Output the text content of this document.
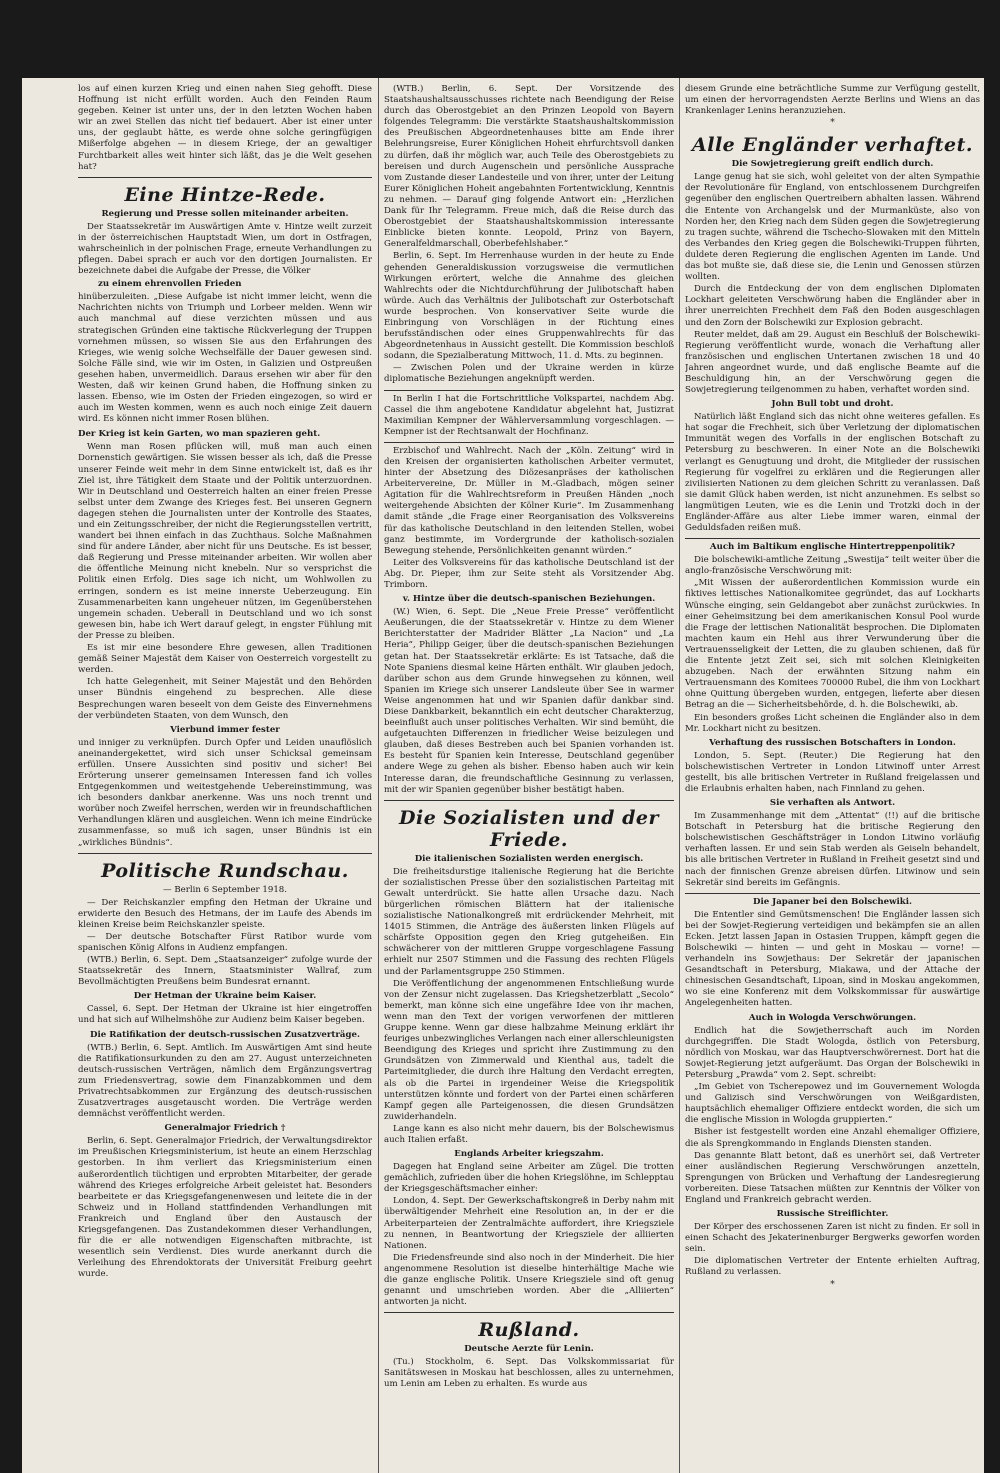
los auf einen kurzen Krieg und einen nahen Sieg gehofft. Diese Hoffnung ist nicht erfüllt worden. Auch den Feinden Raum gegeben. Keiner ist unter uns, der in den letzten Wochen haben wir an zwei Stellen das nicht tief bedauert. Aber ist einer unter uns, der geglaubt hätte, es werde ohne solche geringfügigen Mißerfolge abgehen — in diesem Kriege, der an gewaltiger Furchtbarkeit alles weit hinter sich läßt, das je die Welt gesehen hat?

Eine Hintze-Rede.
Regierung und Presse sollen miteinander arbeiten.

Der Staatssekretär im Auswärtigen Amte v. Hintze weilt zurzeit in der österreichischen Hauptstadt Wien, um dort in Ostfragen, wahrscheinlich in der polnischen Frage, erneute Verhandlungen zu pflegen. Dabei sprach er auch vor den dortigen Journalisten. Er bezeichnete dabei die Aufgabe der Presse, die Völker

zu einem ehrenvollen Frieden

hinüberzuleiten. „Diese Aufgabe ist nicht immer leicht, wenn die Nachrichten nichts von Triumph und Lorbeer melden. Wenn wir auch manchmal auf diese verzichten müssen und aus strategischen Gründen eine taktische Rückverlegung der Truppen vornehmen müssen, so wissen Sie aus den Erfahrungen des Krieges, wie wenig solche Wechselfälle der Dauer gewesen sind. Solche Fälle sind, wie wir im Osten, in Galizien und Ostpreußen gesehen haben, unvermeidlich. Daraus ersehen wir aber für den Westen, daß wir keinen Grund haben, die Hoffnung sinken zu lassen. Ebenso, wie im Osten der Frieden eingezogen, so wird er auch im Westen kommen, wenn es auch noch einige Zeit dauern wird. Es können nicht immer Rosen blühen.

Der Krieg ist kein Garten, wo man spazieren geht.

Wenn man Rosen pflücken will, muß man auch einen Dornenstich gewärtigen. Sie wissen besser als ich, daß die Presse unserer Feinde weit mehr in dem Sinne entwickelt ist, daß es ihr Ziel ist, ihre Tätigkeit dem Staate und der Politik unterzuordnen. Wir in Deutschland und Oesterreich halten an einer freien Presse selbst unter dem Zwange des Krieges fest. Bei unseren Gegnern dagegen stehen die Journalisten unter der Kontrolle des Staates, und ein Zeitungsschreiber, der nicht die Regierungsstellen vertritt, wandert bei ihnen einfach in das Zuchthaus. Solche Maßnahmen sind für andere Länder, aber nicht für uns Deutsche. Es ist besser, daß Regierung und Presse miteinander arbeiten. Wir wollen aber die öffentliche Meinung nicht knebeln. Nur so versprichst die Politik einen Erfolg. Dies sage ich nicht, um Wohlwollen zu erringen, sondern es ist meine innerste Ueberzeugung. Ein Zusammenarbeiten kann ungeheuer nützen, im Gegenüberstehen ungemein schaden. Ueberall in Deutschland und wo ich sonst gewesen bin, habe ich Wert darauf gelegt, in engster Fühlung mit der Presse zu bleiben.

Es ist mir eine besondere Ehre gewesen, allen Traditionen gemäß Seiner Majestät dem Kaiser von Oesterreich vorgestellt zu werden.

Ich hatte Gelegenheit, mit Seiner Majestät und den Behörden unser Bündnis eingehend zu besprechen. Alle diese Besprechungen waren beseelt von dem Geiste des Einvernehmens der verbündeten Staaten, von dem Wunsch, den

Vierbund immer fester

und inniger zu verknüpfen. Durch Opfer und Leiden unauflöslich aneinandergekettet, wird sich unser Schicksal gemeinsam erfüllen. Unsere Aussichten sind positiv und sicher! Bei Erörterung unserer gemeinsamen Interessen fand ich volles Entgegenkommen und weitestgehende Uebereinstimmung, was ich besonders dankbar anerkenne. Was uns noch trennt und worüber noch Zweifel herrschen, werden wir in freundschaftlichen Verhandlungen klären und ausgleichen. Wenn ich meine Eindrücke zusammenfasse, so muß ich sagen, unser Bündnis ist ein „wirkliches Bündnis“.

Politische Rundschau.
— Berlin 6 September 1918.

— Der Reichskanzler empfing den Hetman der Ukraine und erwiderte den Besuch des Hetmans, der im Laufe des Abends im kleinen Kreise beim Reichskanzler speiste.

— Der deutsche Botschafter Fürst Ratibor wurde vom spanischen König Alfons in Audienz empfangen.

(WTB.) Berlin, 6. Sept. Dem „Staatsanzeiger“ zufolge wurde der Staatssekretär des Innern, Staatsminister Wallraf, zum Bevollmächtigten Preußens beim Bundesrat ernannt.

Der Hetman der Ukraine beim Kaiser.

Cassel, 6. Sept. Der Hetman der Ukraine ist hier eingetroffen und hat sich auf Wilhelmshöhe zur Audienz beim Kaiser begeben.

Die Ratifikation der deutsch-russischen Zusatzverträge.

(WTB.) Berlin, 6. Sept. Amtlich. Im Auswärtigen Amt sind heute die Ratifikationsurkunden zu den am 27. August unterzeichneten deutsch-russischen Verträgen, nämlich dem Ergänzungsvertrag zum Friedensvertrag, sowie dem Finanzabkommen und dem Privatrechtsabkommen zur Ergänzung des deutsch-russischen Zusatzvertrages ausgetauscht worden. Die Verträge werden demnächst veröffentlicht werden.

Generalmajor Friedrich †

Berlin, 6. Sept. Generalmajor Friedrich, der Verwaltungsdirektor im Preußischen Kriegsministerium, ist heute an einem Herzschlag gestorben. In ihm verliert das Kriegsministerium einen außerordentlich tüchtigen und erprobten Mitarbeiter, der gerade während des Krieges erfolgreiche Arbeit geleistet hat. Besonders bearbeitete er das Kriegsgefangenenwesen und leitete die in der Schweiz und in Holland stattfindenden Verhandlungen mit Frankreich und England über den Austausch der Kriegsgefangenen. Das Zustandekommen dieser Verhandlungen, für die er alle notwendigen Eigenschaften mitbrachte, ist wesentlich sein Verdienst. Dies wurde anerkannt durch die Verleihung des Ehrendoktorats der Universität Freiburg geehrt wurde.

(WTB.) Berlin, 6. Sept. Der Vorsitzende des Staatshaushaltsausschusses richtete nach Beendigung der Reise durch das Oberostgebiet an den Prinzen Leopold von Bayern folgendes Telegramm: Die verstärkte Staatshaushaltskommission des Preußischen Abgeordnetenhauses bitte am Ende ihrer Belehrungsreise, Eurer Königlichen Hoheit ehrfurchtsvoll danken zu dürfen, daß ihr möglich war, auch Teile des Oberostgebiets zu bereisen und durch Augenschein und persönliche Aussprache vom Zustande dieser Landesteile und von ihrer, unter der Leitung Eurer Königlichen Hoheit angebahnten Fortentwicklung, Kenntnis zu nehmen. — Darauf ging folgende Antwort ein: „Herzlichen Dank für Ihr Telegramm. Freue mich, daß die Reise durch das Oberostgebiet der Staatshaushaltskommission interessante Einblicke bieten konnte. Leopold, Prinz von Bayern, Generalfeldmarschall, Oberbefehlshaber.“

Berlin, 6. Sept. Im Herrenhause wurden in der heute zu Ende gehenden Generaldiskussion vorzugsweise die vermutlichen Wirkungen erörtert, welche die Annahme des gleichen Wahlrechts oder die Nichtdurchführung der Julibotschaft haben würde. Auch das Verhältnis der Julibotschaft zur Osterbotschaft wurde besprochen. Von konservativer Seite wurde die Einbringung von Vorschlägen in der Richtung eines berufsständischen oder eines Gruppenwahlrechts für das Abgeordnetenhaus in Aussicht gestellt. Die Kommission beschloß sodann, die Spezialberatung Mittwoch, 11. d. Mts. zu beginnen.

— Zwischen Polen und der Ukraine werden in kürze diplomatische Beziehungen angeknüpft werden.

In Berlin I hat die Fortschrittliche Volkspartei, nachdem Abg. Cassel die ihm angebotene Kandidatur abgelehnt hat, Justizrat Maximilian Kempner der Wählerversammlung vorgeschlagen. — Kempner ist der Rechtsanwalt der Hochfinanz.

Erzbischof und Wahlrecht. Nach der „Köln. Zeitung“ wird in den Kreisen der organisierten katholischen Arbeiter vermutet, hinter der Absetzung des Diözesanpräses der katholischen Arbeitervereine, Dr. Müller in M.-Gladbach, mögen seiner Agitation für die Wahlrechtsreform in Preußen Händen „noch weitergehende Absichten der Kölner Kurie“. Im Zusammenhang damit stände „die Frage einer Reorganisation des Volksvereins für das katholische Deutschland in den leitenden Stellen, wobei ganz bestimmte, im Vordergrunde der katholisch-sozialen Bewegung stehende, Persönlichkeiten genannt würden.“

Leiter des Volksvereins für das katholische Deutschland ist der Abg. Dr. Pieper, ihm zur Seite steht als Vorsitzender Abg. Trimborn.

v. Hintze über die deutsch-spanischen Beziehungen.

(W.) Wien, 6. Sept. Die „Neue Freie Presse“ veröffentlicht Aeußerungen, die der Staatssekretär v. Hintze zu dem Wiener Berichterstatter der Madrider Blätter „La Nacion“ und „La Heria“, Philipp Geiger, über die deutsch-spanischen Beziehungen getan hat. Der Staatssekretär erklärte: Es ist Tatsache, daß die Note Spaniens diesmal keine Härten enthält. Wir glauben jedoch, darüber schon aus dem Grunde hinwegsehen zu können, weil Spanien im Kriege sich unserer Landsleute über See in warmer Weise angenommen hat und wir Spanien dafür dankbar sind. Diese Dankbarkeit, bekanntlich ein echt deutscher Charakterzug, beeinflußt auch unser politisches Verhalten. Wir sind bemüht, die aufgetauchten Differenzen in friedlicher Weise beizulegen und glauben, daß dieses Bestreben auch bei Spanien vorhanden ist. Es besteht für Spanien kein Interesse, Deutschland gegenüber andere Wege zu gehen als bisher. Ebenso haben auch wir kein Interesse daran, die freundschaftliche Gesinnung zu verlassen, mit der wir Spanien gegenüber bisher bestätigt haben.

Die Sozialisten und der Friede.
Die italienischen Sozialisten werden energisch.

Die freiheitsdurstige italienische Regierung hat die Berichte der sozialistischen Presse über den sozialistischen Parteitag mit Gewalt unterdrückt. Sie hatte allen Ursache dazu. Nach bürgerlichen römischen Blättern hat der italienische sozialistische Nationalkongreß mit erdrückender Mehrheit, mit 14015 Stimmen, die Anträge des äußersten linken Flügels auf schärfste Opposition gegen den Krieg gutgeheißen. Ein schwächerer von der mittleren Gruppe vorgeschlagene Fassung erhielt nur 2507 Stimmen und die Fassung des rechten Flügels und der Parlamentsgruppe 250 Stimmen.

Die Veröffentlichung der angenommenen Entschließung wurde von der Zensur nicht zugelassen. Das Kriegshetzerblatt „Secolo“ bemerkt, man könne sich eine ungefähre Idee von ihr machen, wenn man den Text der vorigen verworfenen der mittleren Gruppe kenne. Wenn gar diese halbzahme Meinung erklärt ihr feuriges unbezwingliches Verlangen nach einer allerschleunigsten Beendigung des Krieges und spricht ihre Zustimmung zu den Grundsätzen von Zimmerwald und Kienthal aus, tadelt die Parteimitglieder, die durch ihre Haltung den Verdacht erregten, als ob die Partei in irgendeiner Weise die Kriegspolitik unterstützen könnte und fordert von der Partei einen schärferen Kampf gegen alle Parteigenossen, die diesen Grundsätzen zuwiderhandeln.

Lange kann es also nicht mehr dauern, bis der Bolschewismus auch Italien erfaßt.

Englands Arbeiter kriegszahm.

Dagegen hat England seine Arbeiter am Zügel. Die trotten gemächlich, zufrieden über die hohen Kriegslöhne, im Schlepptau der Kriegsgeschäftsmacher einher:

London, 4. Sept. Der Gewerkschaftskongreß in Derby nahm mit überwältigender Mehrheit eine Resolution an, in der er die Arbeiterparteien der Zentralmächte auffordert, ihre Kriegsziele zu nennen, in Beantwortung der Kriegsziele der alliierten Nationen.

Die Friedensfreunde sind also noch in der Minderheit. Die hier angenommene Resolution ist dieselbe hinterhältige Mache wie die ganze englische Politik. Unsere Kriegsziele sind oft genug genannt und umschrieben worden. Aber die „Alliierten“ antworten ja nicht.

Rußland.
Deutsche Aerzte für Lenin.

(Tu.) Stockholm, 6. Sept. Das Volkskommissariat für Sanitätswesen in Moskau hat beschlossen, alles zu unternehmen, um Lenin am Leben zu erhalten. Es wurde aus

diesem Grunde eine beträchtliche Summe zur Verfügung gestellt, um einen der hervorragendsten Aerzte Berlins und Wiens an das Krankenlager Lenins heranzuziehen.

*
Alle Engländer verhaftet.
Die Sowjetregierung greift endlich durch.

Lange genug hat sie sich, wohl geleitet von der alten Sympathie der Revolutionäre für England, von entschlossenem Durchgreifen gegenüber den englischen Quertreibern abhalten lassen. Während die Entente von Archangelsk und der Murmanküste, also von Norden her, den Krieg nach dem Süden gegen die Sowjetregierung zu tragen suchte, während die Tschecho-Slowaken mit den Mitteln des Verbandes den Krieg gegen die Bolschewiki-Truppen führten, duldete deren Regierung die englischen Agenten im Lande. Und das bot mußte sie, daß diese sie, die Lenin und Genossen stürzen wollten.

Durch die Entdeckung der von dem englischen Diplomaten Lockhart geleiteten Verschwörung haben die Engländer aber in ihrer unerreichten Frechheit dem Faß den Boden ausgeschlagen und den Zorn der Bolschewiki zur Explosion gebracht.

Reuter meldet, daß am 29. August ein Beschluß der Bolschewiki-Regierung veröffentlicht wurde, wonach die Verhaftung aller französischen und englischen Untertanen zwischen 18 und 40 Jahren angeordnet wurde, und daß englische Beamte auf die Beschuldigung hin, an der Verschwörung gegen die Sowjetregierung teilgenommen zu haben, verhaftet worden sind.

John Bull tobt und droht.

Natürlich läßt England sich das nicht ohne weiteres gefallen. Es hat sogar die Frechheit, sich über Verletzung der diplomatischen Immunität wegen des Vorfalls in der englischen Botschaft zu Petersburg zu beschweren. In einer Note an die Bolschewiki verlangt es Genugtuung und droht, die Mitglieder der russischen Regierung für vogelfrei zu erklären und die Regierungen aller zivilisierten Nationen zu dem gleichen Schritt zu veranlassen. Daß sie damit Glück haben werden, ist nicht anzunehmen. Es selbst so langmütigen Leuten, wie es die Lenin und Trotzki doch in der Engländer-Affäre aus alter Liebe immer waren, einmal der Geduldsfaden reißen muß.

Auch im Baltikum englische Hintertreppenpolitik?

Die bolschewiki-amtliche Zeitung „Swestija“ teilt weiter über die anglo-französische Verschwörung mit:

„Mit Wissen der außerordentlichen Kommission wurde ein fiktives lettisches Nationalkomitee gegründet, das auf Lockharts Wünsche einging, sein Geldangebot aber zunächst zurückwies. In einer Geheimsitzung bei dem amerikanischen Konsul Pool wurde die Frage der lettischen Nationalität besprochen. Die Diplomaten machten kaum ein Hehl aus ihrer Verwunderung über die Vertrauensseligkeit der Letten, die zu glauben schienen, daß für die Entente jetzt Zeit sei, sich mit solchen Kleinigkeiten abzugeben. Nach der erwähnten Sitzung nahm ein Vertrauensmann des Komitees 700000 Rubel, die ihm von Lockhart ohne Quittung übergeben wurden, entgegen, lieferte aber diesen Betrag an die — Sicherheitsbehörde, d. h. die Bolschewiki, ab.

Ein besonders großes Licht scheinen die Engländer also in dem Mr. Lockhart nicht zu besitzen.

Verhaftung des russischen Botschafters in London.

London, 5. Sept. (Reuter.) Die Regierung hat den bolschewistischen Vertreter in London Litwinoff unter Arrest gestellt, bis alle britischen Vertreter in Rußland freigelassen und die Erlaubnis erhalten haben, nach Finnland zu gehen.

Sie verhaften als Antwort.

Im Zusammenhange mit dem „Attentat“ (!!) auf die britische Botschaft in Petersburg hat die britische Regierung den bolschewistischen Geschäftsträger in London Litwino vorläufig verhaften lassen. Er und sein Stab werden als Geiseln behandelt, bis alle britischen Vertreter in Rußland in Freiheit gesetzt sind und nach der finnischen Grenze abreisen dürfen. Litwinow und sein Sekretär sind bereits im Gefängnis.

Die Japaner bei den Bolschewiki.

Die Ententler sind Gemütsmenschen! Die Engländer lassen sich bei der Sowjet-Regierung verteidigen und bekämpfen sie an allen Ecken. Jetzt lassen Japan in Ostasien Truppen, kämpft gegen die Bolschewiki — hinten — und geht in Moskau — vorne! — verhandeln ins Sowjethaus: Der Sekretär der japanischen Gesandtschaft in Petersburg, Miakawa, und der Attache der chinesischen Gesandtschaft, Lipoan, sind in Moskau angekommen, wo sie eine Konferenz mit dem Volkskommissar für auswärtige Angelegenheiten hatten.

Auch in Wologda Verschwörungen.

Endlich hat die Sowjetherrschaft auch im Norden durchgegriffen. Die Stadt Wologda, östlich von Petersburg, nördlich von Moskau, war das Hauptverschwörernest. Dort hat die Sowjet-Regierung jetzt aufgeräumt. Das Organ der Bolschewiki in Petersburg „Prawda“ vom 2. Sept. schreibt:

„Im Gebiet von Tscherepowez und im Gouvernement Wologda und Galizisch sind Verschwörungen von Weißgardisten, hauptsächlich ehemaliger Offiziere entdeckt worden, die sich um die englische Mission in Wologda gruppierten.“

Bisher ist festgestellt worden eine Anzahl ehemaliger Offiziere, die als Sprengkommando in Englands Diensten standen.

Das genannte Blatt betont, daß es unerhört sei, daß Vertreter einer ausländischen Regierung Verschwörungen anzetteln, Sprengungen von Brücken und Verhaftung der Landesregierung vorbereiten. Diese Tatsachen müßten zur Kenntnis der Völker von England und Frankreich gebracht werden.

Russische Streiflichter.

Der Körper des erschossenen Zaren ist nicht zu finden. Er soll in einen Schacht des Jekaterinenburger Bergwerks geworfen worden sein.

Die diplomatischen Vertreter der Entente erhielten Auftrag, Rußland zu verlassen.

*
